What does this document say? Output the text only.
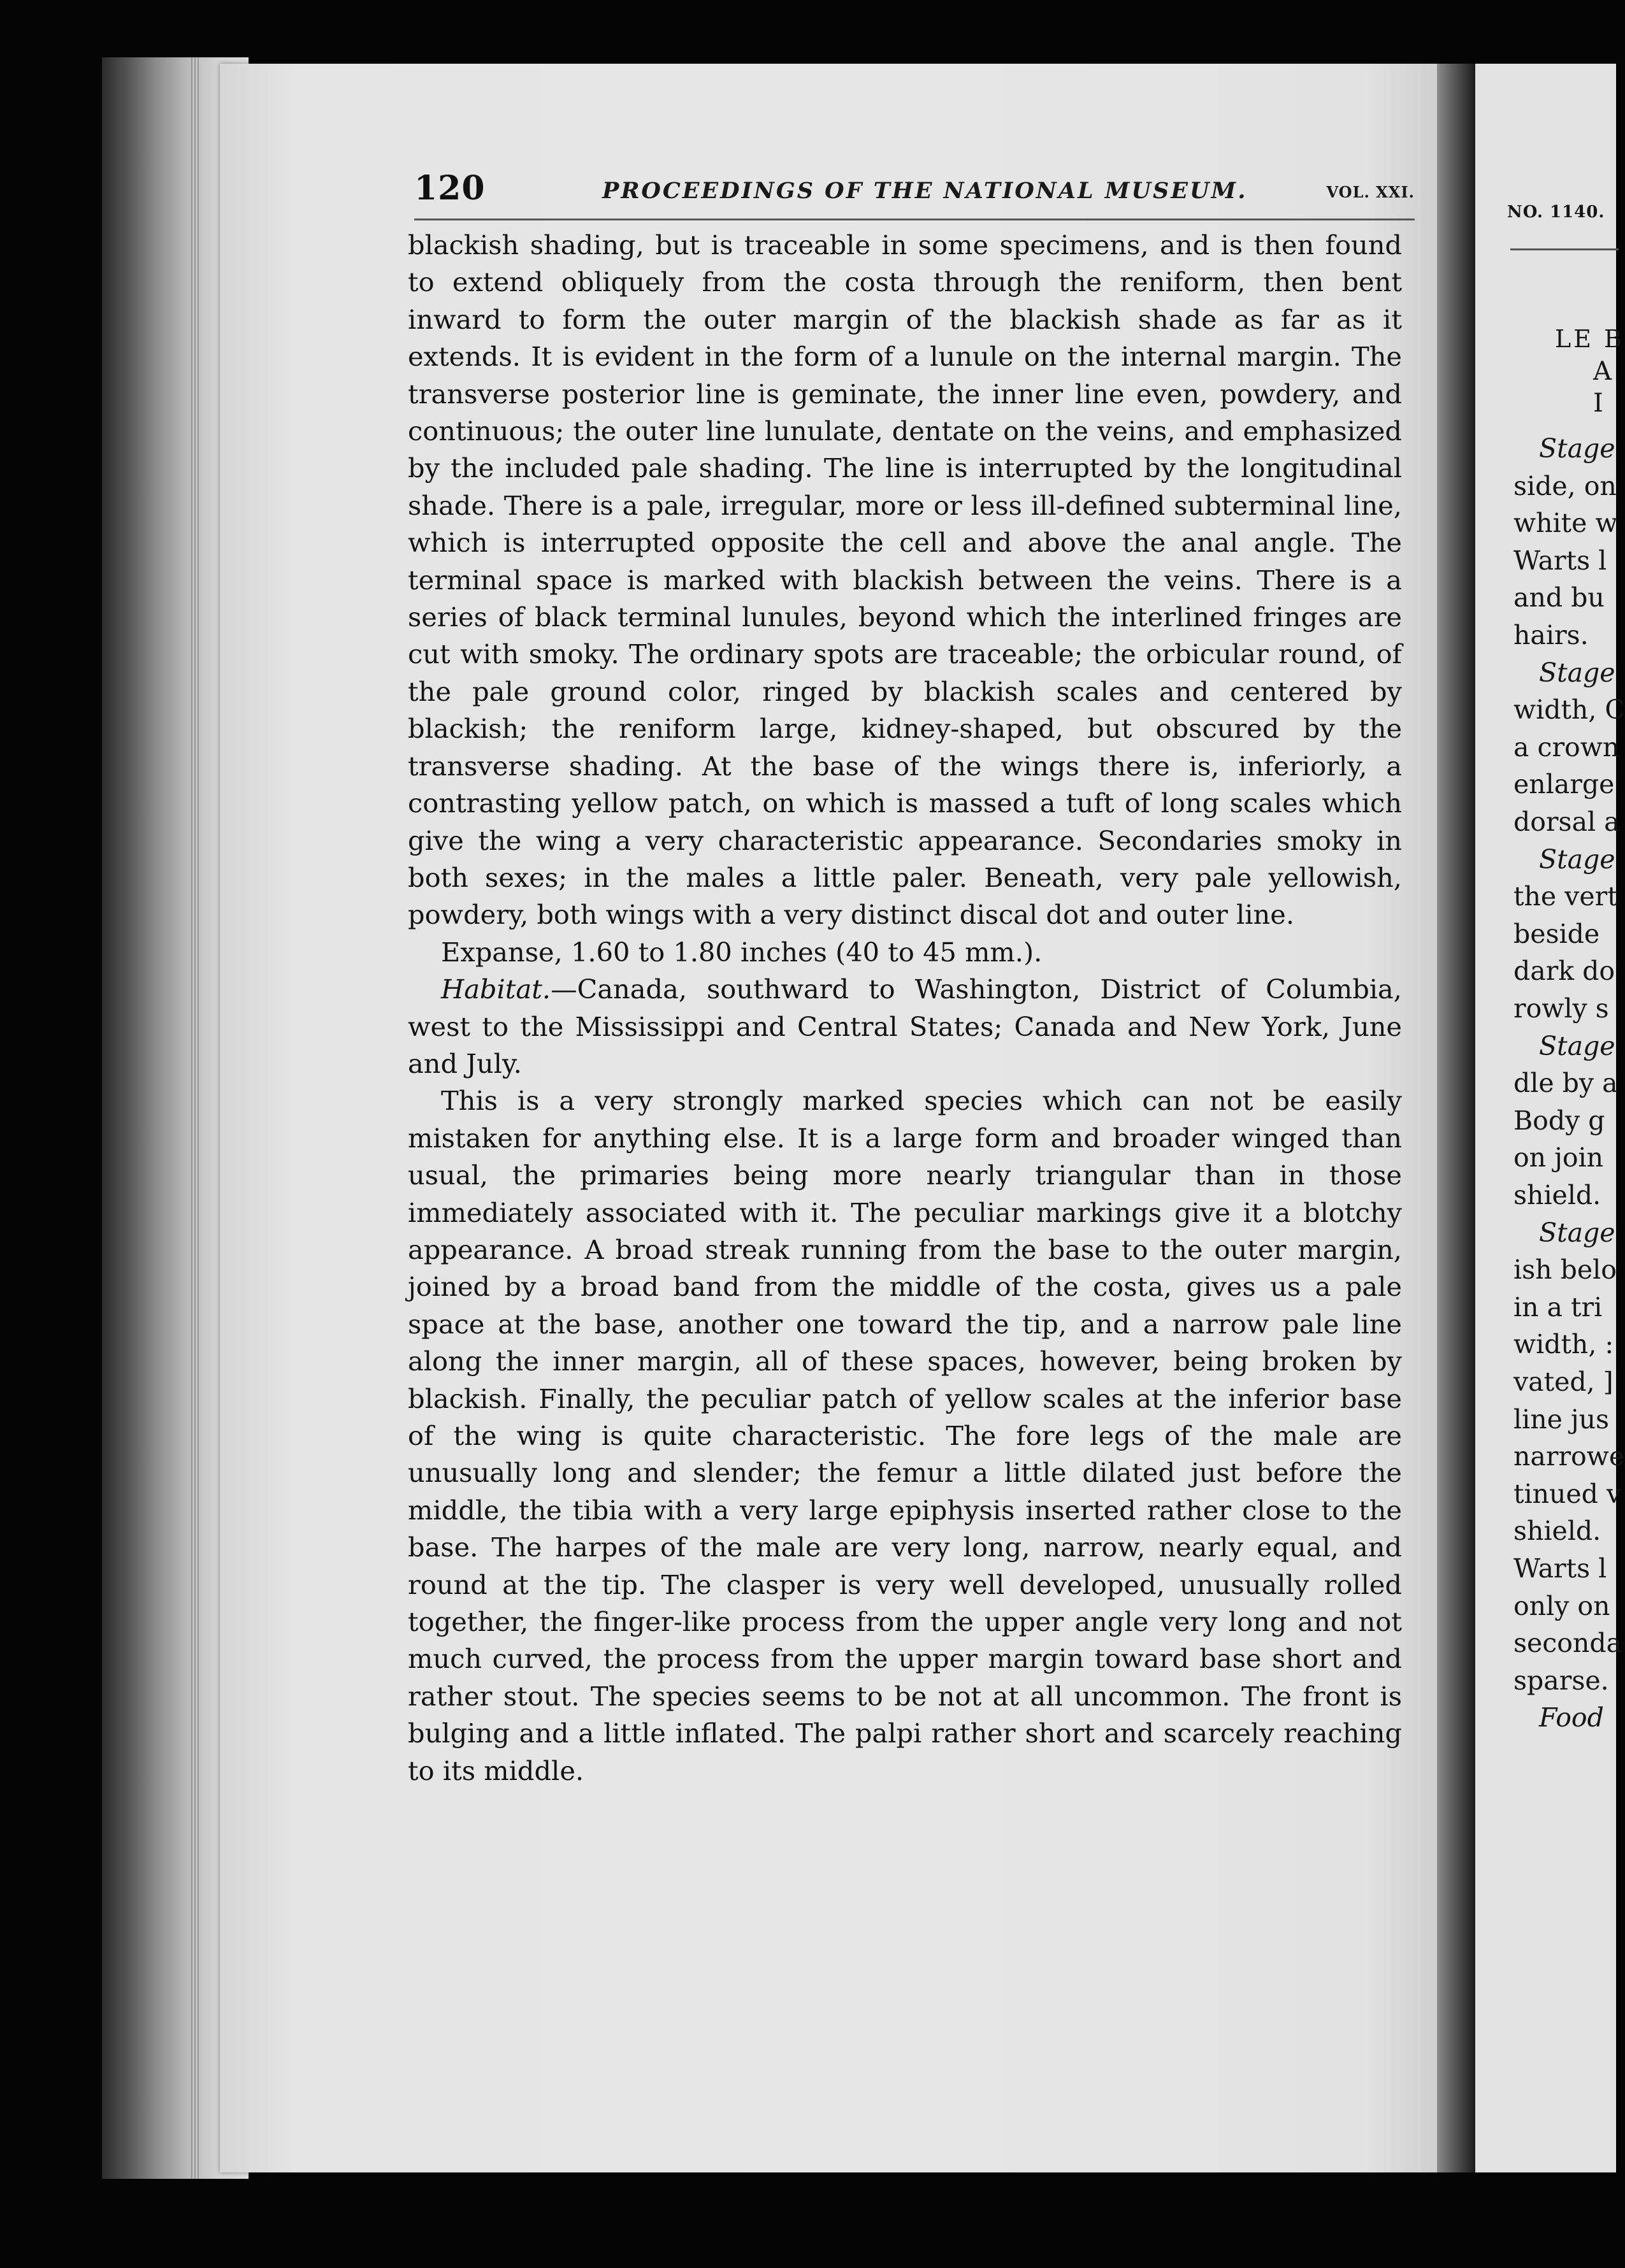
120	PROCEEDINGS OF THE NATIONAL MUSEUM.	VOL. XXI.

blackish shading, but is traceable in some specimens, and is then found to extend obliquely from the costa through the reniform, then bent inward to form the outer margin of the blackish shade as far as it extends. It is evident in the form of a lunule on the internal margin. The transverse posterior line is geminate, the inner line even, powdery, and continuous; the outer line lunulate, dentate on the veins, and emphasized by the included pale shading. The line is interrupted by the longitudinal shade. There is a pale, irregular, more or less ill-defined subterminal line, which is interrupted opposite the cell and above the anal angle. The terminal space is marked with blackish between the veins. There is a series of black terminal lunules, beyond which the interlined fringes are cut with smoky. The ordinary spots are traceable; the orbicular round, of the pale ground color, ringed by blackish scales and centered by blackish; the reniform large, kidney-shaped, but obscured by the transverse shading. At the base of the wings there is, inferiorly, a contrasting yellow patch, on which is massed a tuft of long scales which give the wing a very characteristic appearance. Secondaries smoky in both sexes; in the males a little paler. Beneath, very pale yellowish, powdery, both wings with a very distinct discal dot and outer line.

Expanse, 1.60 to 1.80 inches (40 to 45 mm.).

Habitat.—Canada, southward to Washington, District of Columbia, west to the Mississippi and Central States; Canada and New York, June and July.

This is a very strongly marked species which can not be easily mistaken for anything else. It is a large form and broader winged than usual, the primaries being more nearly triangular than in those immediately associated with it. The peculiar markings give it a blotchy appearance. A broad streak running from the base to the outer margin, joined by a broad band from the middle of the costa, gives us a pale space at the base, another one toward the tip, and a narrow pale line along the inner margin, all of these spaces, however, being broken by blackish. Finally, the peculiar patch of yellow scales at the inferior base of the wing is quite characteristic. The fore legs of the male are unusually long and slender; the femur a little dilated just before the middle, the tibia with a very large epiphysis inserted rather close to the base. The harpes of the male are very long, narrow, nearly equal, and round at the tip. The clasper is very well developed, unusually rolled together, the finger-like process from the upper angle very long and not much curved, the process from the upper margin toward base short and rather stout. The species seems to be not at all uncommon. The front is bulging and a little inflated. The palpi rather short and scarcely reaching to its middle.

NO. 1140.
LE B
A
I
Stage
side, on
white w
Warts l
and bu
hairs.
Stage
width, C
a crown
enlarge
dorsal a
Stage
the vert
beside
dark do
rowly s
Stage
dle by a
Body g
on join
shield.
Stage
ish belo
in a tri
width, :
vated, ]
line jus
narrowe
tinued v
shield.
Warts l
only on
seconda
sparse.
Food
